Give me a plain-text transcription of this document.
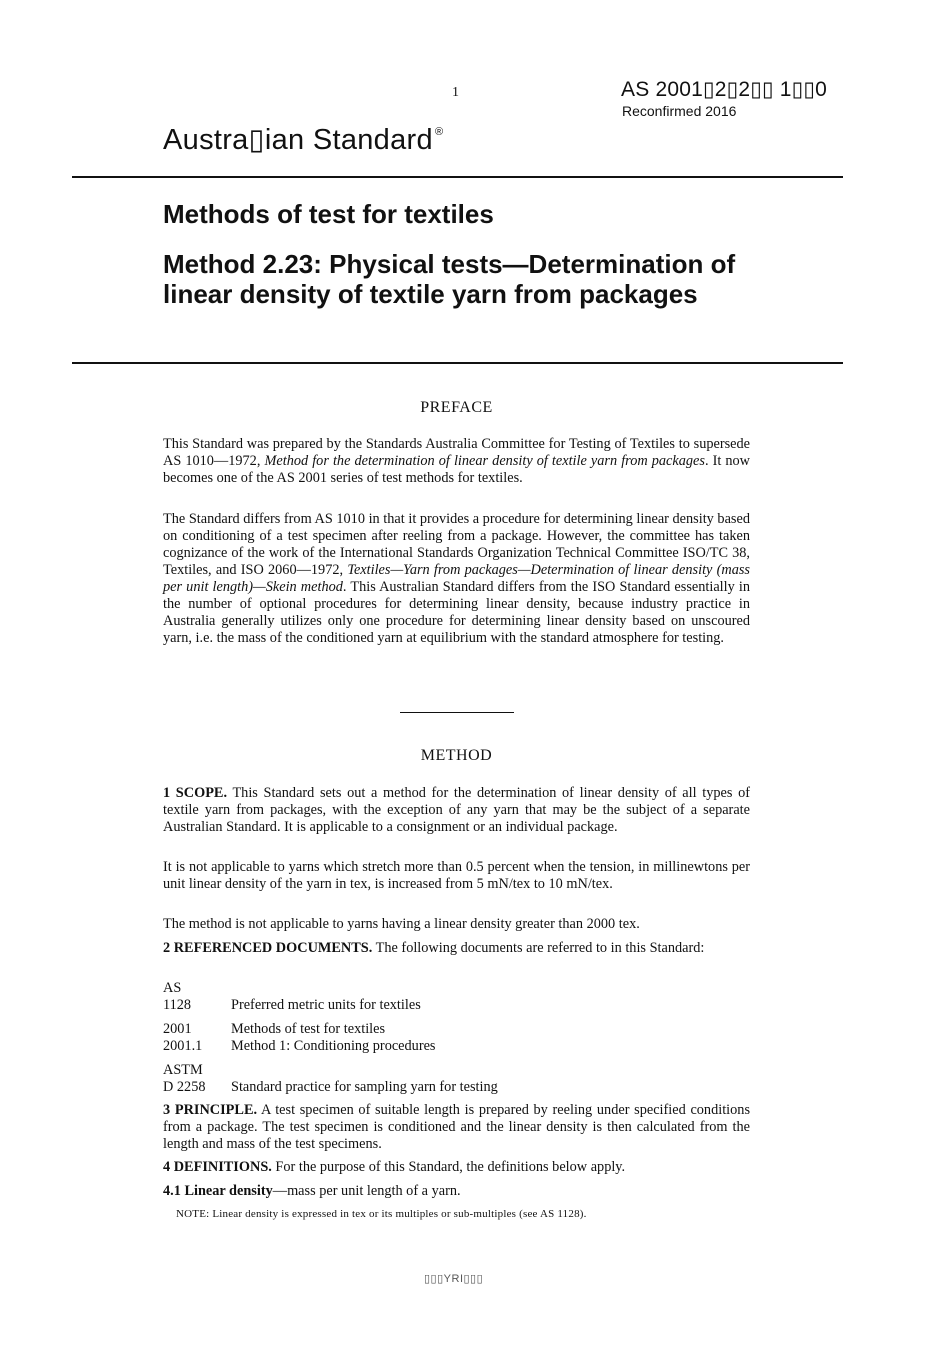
1	AS 2001▯2▯2▯▯ 1▯▯0
Reconfirmed 2016
Austra▯ian Standard ®
Methods of test for textiles
Method 2.23: Physical tests—Determination of linear density of textile yarn from packages
PREFACE

This Standard was prepared by the Standards Australia Committee for Testing of Textiles to supersede AS 1010—1972, Method for the determination of linear density of textile yarn from packages. It now becomes one of the AS 2001 series of test methods for textiles.

The Standard differs from AS 1010 in that it provides a procedure for determining linear density based on conditioning of a test specimen after reeling from a package. However, the committee has taken cognizance of the work of the International Standards Organization Technical Committee ISO/TC 38, Textiles, and ISO 2060—1972, Textiles—Yarn from packages—Determination of linear density (mass per unit length)—Skein method. This Australian Standard differs from the ISO Standard essentially in the number of optional procedures for determining linear density, because industry practice in Australia generally utilizes only one procedure for determining linear density based on unscoured yarn, i.e. the mass of the conditioned yarn at equilibrium with the standard atmosphere for testing.

METHOD

1 SCOPE. This Standard sets out a method for the determination of linear density of all types of textile yarn from packages, with the exception of any yarn that may be the subject of a separate Australian Standard. It is applicable to a consignment or an individual package.

It is not applicable to yarns which stretch more than 0.5 percent when the tension, in millinewtons per unit linear density of the yarn in tex, is increased from 5 mN/tex to 10 mN/tex.

The method is not applicable to yarns having a linear density greater than 2000 tex.

2 REFERENCED DOCUMENTS. The following documents are referred to in this Standard:

AS
1128	Preferred metric units for textiles
2001	Methods of test for textiles
2001.1	Method 1: Conditioning procedures
ASTM
D 2258	Standard practice for sampling yarn for testing

3 PRINCIPLE. A test specimen of suitable length is prepared by reeling under specified conditions from a package. The test specimen is conditioned and the linear density is then calculated from the length and mass of the test specimens.

4 DEFINITIONS. For the purpose of this Standard, the definitions below apply.

4.1 Linear density—mass per unit length of a yarn.

NOTE: Linear density is expressed in tex or its multiples or sub-multiples (see AS 1128).
▯▯▯YRI▯▯▯
